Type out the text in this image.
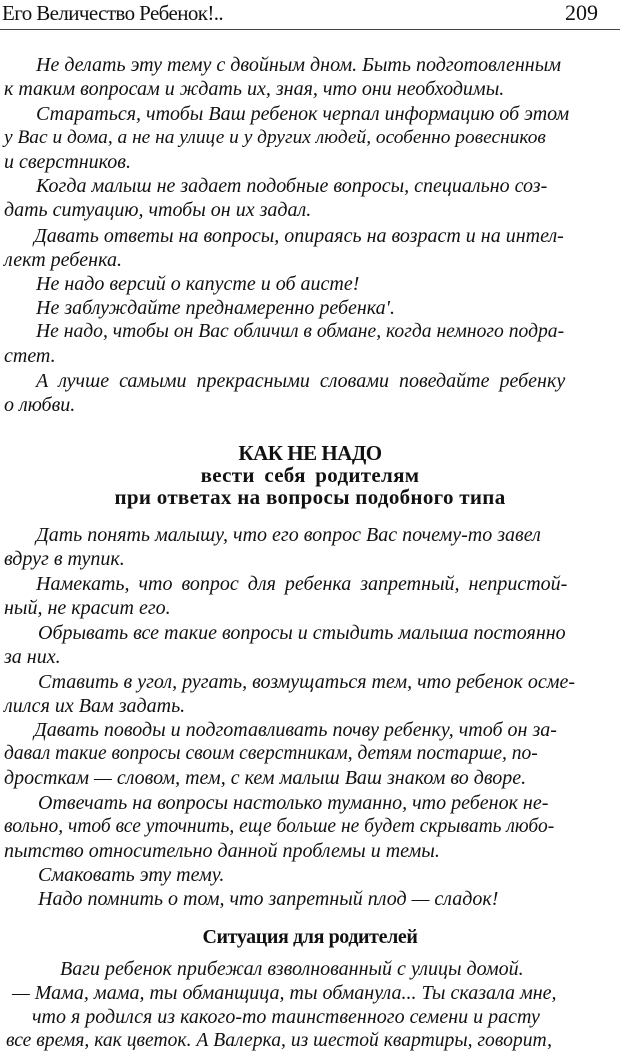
Его Величество Ребенок!..	209
Не делать эту тему с двойным дном. Быть подготовленным
к таким вопросам и ждать их, зная, что они необходимы.
Стараться, чтобы Ваш ребенок черпал информацию об этом
у Вас и дома, а не на улице и у других людей, особенно ровесников
и сверстников.
Когда малыш не задает подобные вопросы, специально соз-
дать ситуацию, чтобы он их задал.
Давать ответы на вопросы, опираясь на возраст и на интел-
лект ребенка.
Не надо версий о капусте и об аисте!
Не заблуждайте преднамеренно ребенка'.
Не надо, чтобы он Вас обличил в обмане, когда немного подра-
стет.
А лучше самыми прекрасными словами поведайте ребенку
о любви.
КАК НЕ НАДО
вести себя родителям
при ответах на вопросы подобного типа
Дать понять малышу, что его вопрос Вас почему-то завел
вдруг в тупик.
Намекать, что вопрос для ребенка запретный, непристой-
ный, не красит его.
Обрывать все такие вопросы и стыдить малыша постоянно
за них.
Ставить в угол, ругать, возмущаться тем, что ребенок осме-
лился их Вам задать.
Давать поводы и подготавливать почву ребенку, чтоб он за-
давал такие вопросы своим сверстникам, детям постарше, по-
дросткам — словом, тем, с кем малыш Ваш знаком во дворе.
Отвечать на вопросы настолько туманно, что ребенок не-
вольно, чтоб все уточнить, еще больше не будет скрывать любо-
пытство относительно данной проблемы и темы.
Смаковать эту тему.
Надо помнить о том, что запретный плод — сладок!
Ситуация для родителей
Ваги ребенок прибежал взволнованный с улицы домой.
— Мама, мама, ты обманщица, ты обманула... Ты сказала мне,
что я родился из какого-то таинственного семени и расту
все время, как цветок. А Валерка, из шестой квартиры, говорит,
